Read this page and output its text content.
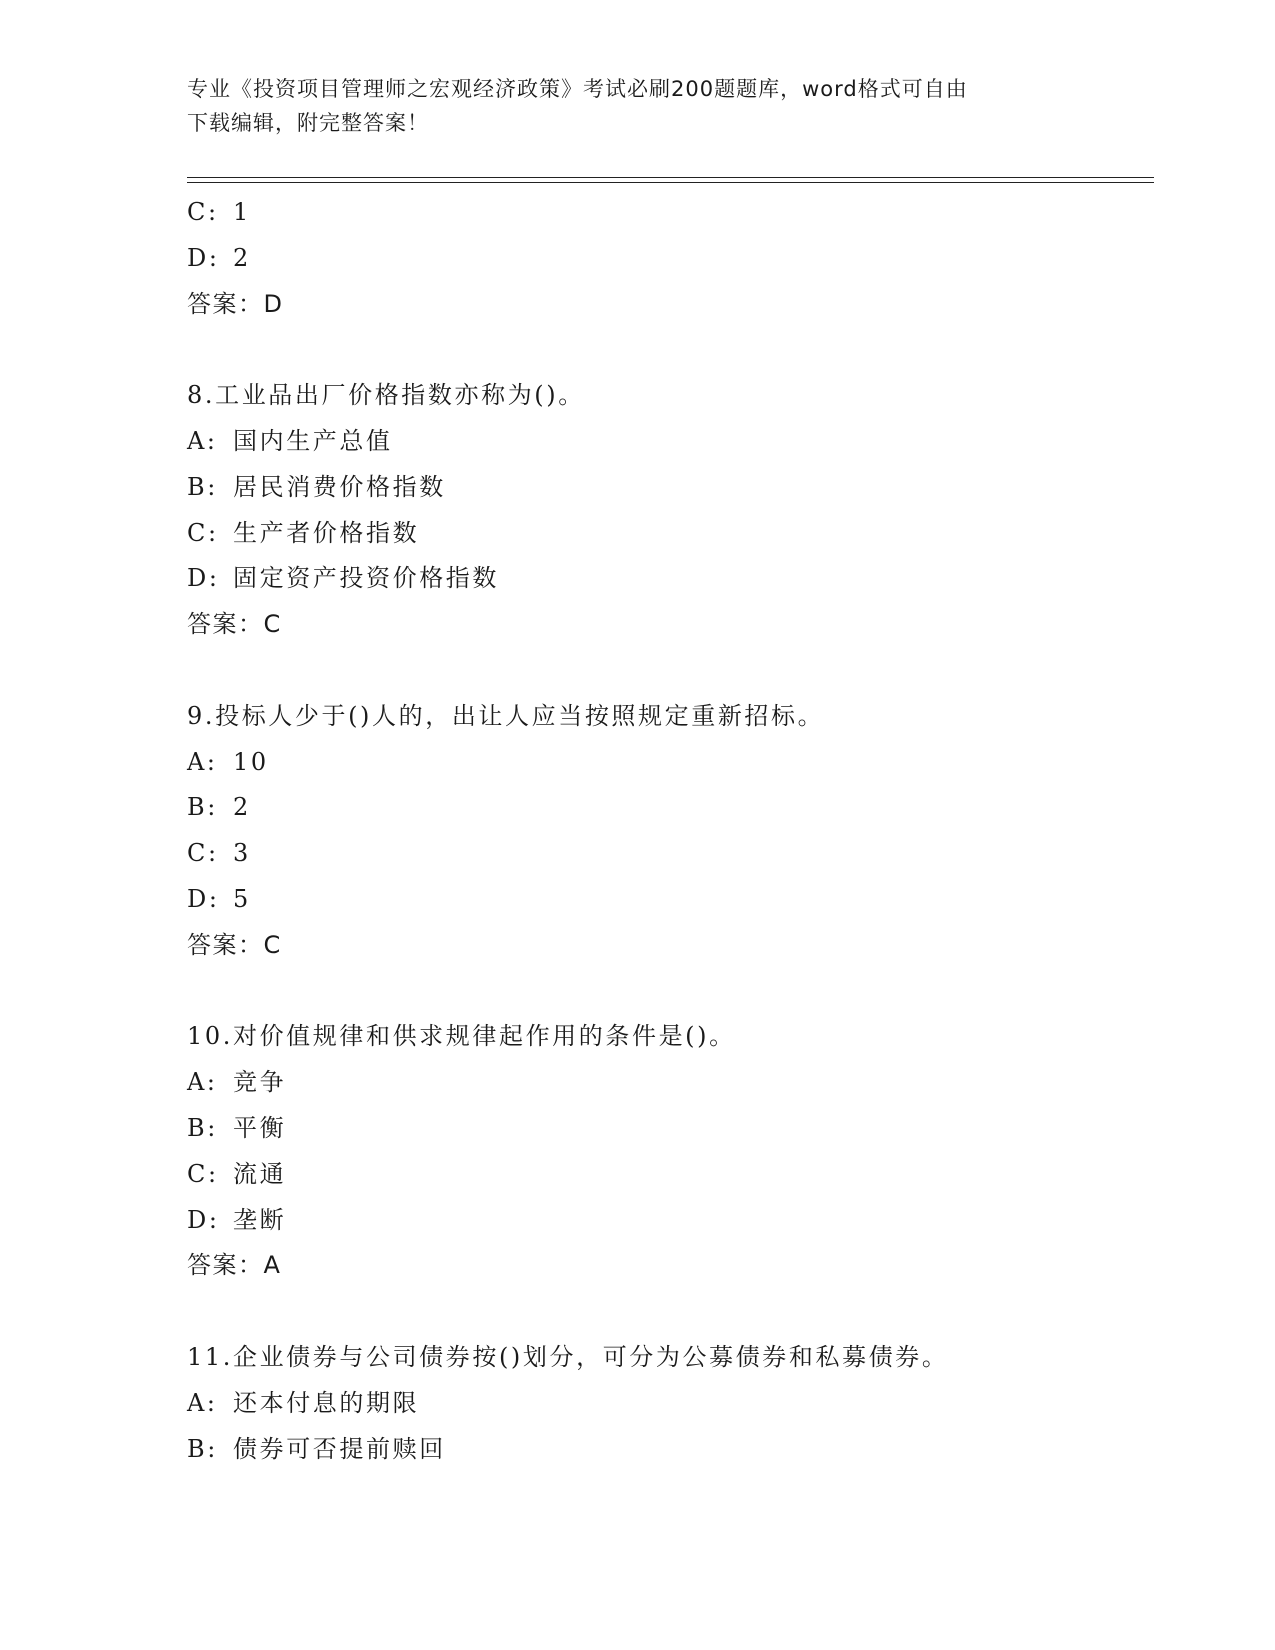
专业《投资项目管理师之宏观经济政策》考试必刷200题题库，word格式可自由
下载编辑，附完整答案！
C: 1
D: 2
答案：D
8.工业品出厂价格指数亦称为()。
A: 国内生产总值
B: 居民消费价格指数
C: 生产者价格指数
D: 固定资产投资价格指数
答案：C
9.投标人少于()人的，出让人应当按照规定重新招标。
A: 10
B: 2
C: 3
D: 5
答案：C
10.对价值规律和供求规律起作用的条件是()。
A: 竞争
B: 平衡
C: 流通
D: 垄断
答案：A
11.企业债券与公司债券按()划分，可分为公募债券和私募债券。
A: 还本付息的期限
B: 债券可否提前赎回
